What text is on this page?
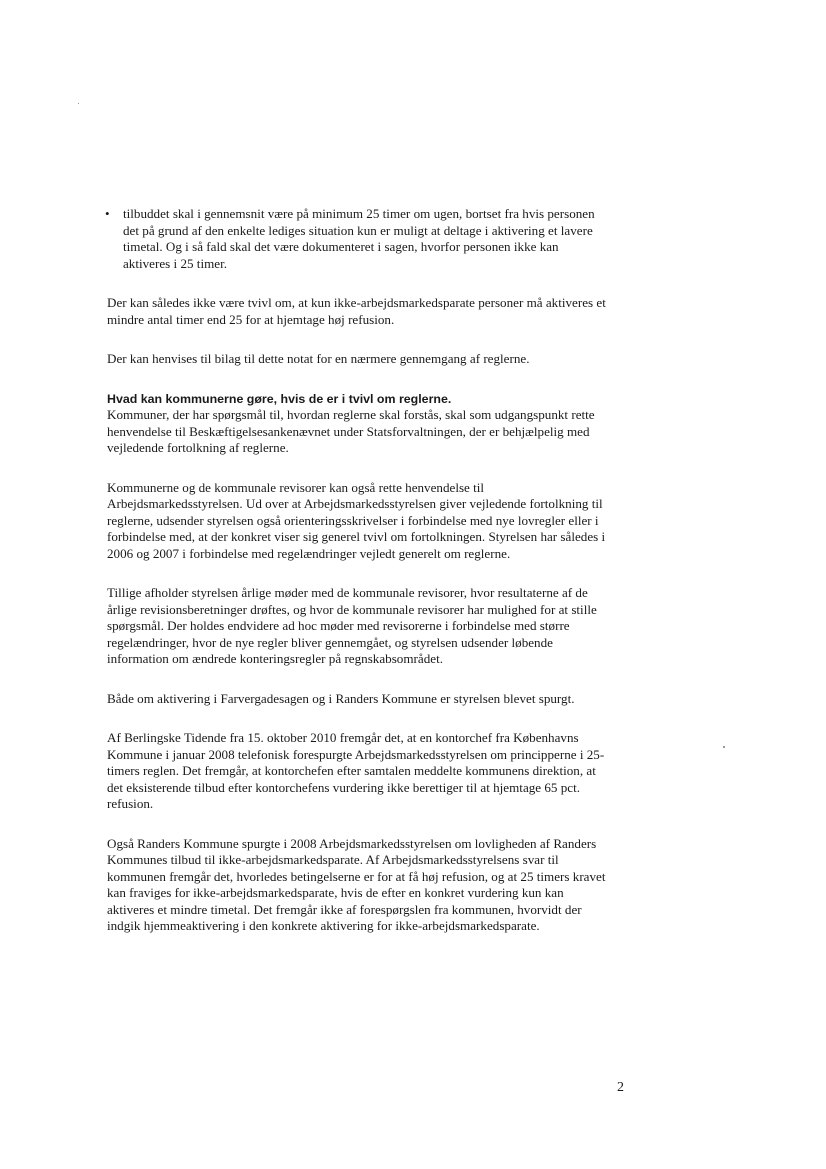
• tilbuddet skal i gennemsnit være på minimum 25 timer om ugen, bortset fra hvis personen det på grund af den enkelte lediges situation kun er muligt at deltage i aktivering et lavere timetal. Og i så fald skal det være dokumenteret i sagen, hvorfor personen ikke kan aktiveres i 25 timer.

Der kan således ikke være tvivl om, at kun ikke-arbejdsmarkedsparate personer må aktiveres et mindre antal timer end 25 for at hjemtage høj refusion.

Der kan henvises til bilag til dette notat for en nærmere gennemgang af reglerne.

Hvad kan kommunerne gøre, hvis de er i tvivl om reglerne.
Kommuner, der har spørgsmål til, hvordan reglerne skal forstås, skal som udgangspunkt rette henvendelse til Beskæftigelsesankenævnet under Statsforvaltningen, der er behjælpelig med vejledende fortolkning af reglerne.

Kommunerne og de kommunale revisorer kan også rette henvendelse til Arbejdsmarkedsstyrelsen. Ud over at Arbejdsmarkedsstyrelsen giver vejledende fortolkning til reglerne, udsender styrelsen også orienteringsskrivelser i forbindelse med nye lovregler eller i forbindelse med, at der konkret viser sig generel tvivl om fortolkningen. Styrelsen har således i 2006 og 2007 i forbindelse med regelændringer vejledt generelt om reglerne.

Tillige afholder styrelsen årlige møder med de kommunale revisorer, hvor resultaterne af de årlige revisionsberetninger drøftes, og hvor de kommunale revisorer har mulighed for at stille spørgsmål. Der holdes endvidere ad hoc møder med revisorerne i forbindelse med større regelændringer, hvor de nye regler bliver gennemgået, og styrelsen udsender løbende information om ændrede konteringsregler på regnskabsområdet.

Både om aktivering i Farvergadesagen og i Randers Kommune er styrelsen blevet spurgt.

Af Berlingske Tidende fra 15. oktober 2010 fremgår det, at en kontorchef fra Københavns Kommune i januar 2008 telefonisk forespurgte Arbejdsmarkedsstyrelsen om principperne i 25-timers reglen. Det fremgår, at kontorchefen efter samtalen meddelte kommunens direktion, at det eksisterende tilbud efter kontorchefens vurdering ikke berettiger til at hjemtage 65 pct. refusion.

Også Randers Kommune spurgte i 2008 Arbejdsmarkedsstyrelsen om lovligheden af Randers Kommunes tilbud til ikke-arbejdsmarkedsparate. Af Arbejdsmarkedsstyrelsens svar til kommunen fremgår det, hvorledes betingelserne er for at få høj refusion, og at 25 timers kravet kan fraviges for ikke-arbejdsmarkedsparate, hvis de efter en konkret vurdering kun kan aktiveres et mindre timetal. Det fremgår ikke af forespørgslen fra kommunen, hvorvidt der indgik hjemmeaktivering i den konkrete aktivering for ikke-arbejdsmarkedsparate.

2
